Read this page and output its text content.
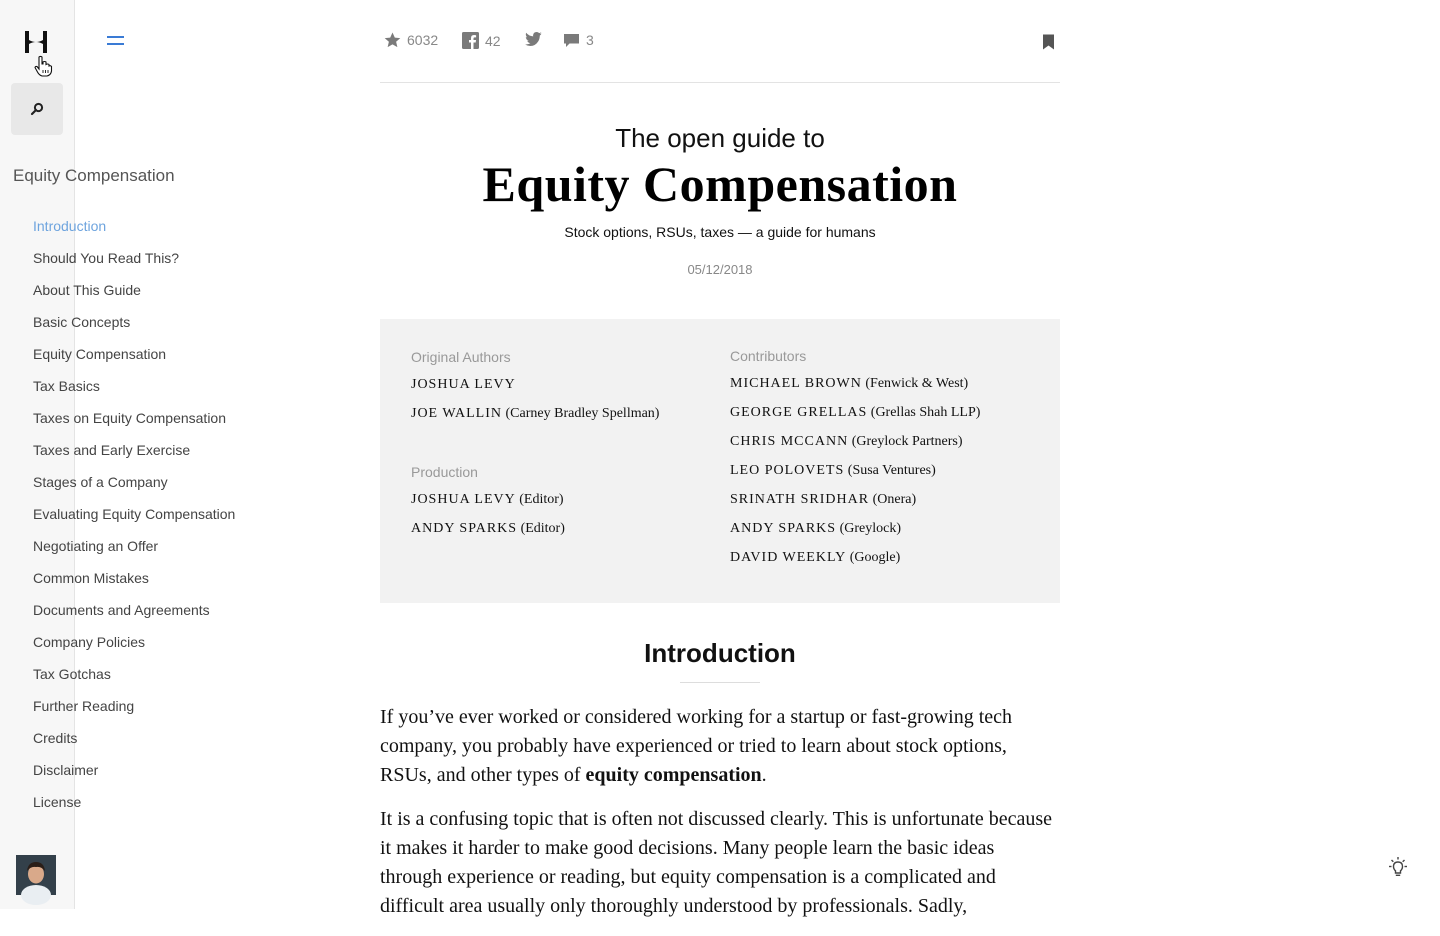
Equity Compensation
Introduction
Should You Read This?
About This Guide
Basic Concepts
Equity Compensation
Tax Basics
Taxes on Equity Compensation
Taxes and Early Exercise
Stages of a Company
Evaluating Equity Compensation
Negotiating an Offer
Common Mistakes
Documents and Agreements
Company Policies
Tax Gotchas
Further Reading
Credits
Disclaimer
License
6032	42	3
The open guide to
Equity Compensation
Stock options, RSUs, taxes — a guide for humans
05/12/2018
Original Authors
JOSHUA LEVY
JOE WALLIN (Carney Bradley Spellman)
Production
JOSHUA LEVY (Editor)
ANDY SPARKS (Editor)
Contributors
MICHAEL BROWN (Fenwick & West)
GEORGE GRELLAS (Grellas Shah LLP)
CHRIS MCCANN (Greylock Partners)
LEO POLOVETS (Susa Ventures)
SRINATH SRIDHAR (Onera)
ANDY SPARKS (Greylock)
DAVID WEEKLY (Google)
Introduction

If you’ve ever worked or considered working for a startup or fast-growing tech company, you probably have experienced or tried to learn about stock options, RSUs, and other types of equity compensation.

It is a confusing topic that is often not discussed clearly. This is unfortunate because it makes it harder to make good decisions. Many people learn the basic ideas through experience or reading, but equity compensation is a complicated and difficult area usually only thoroughly understood by professionals. Sadly,
